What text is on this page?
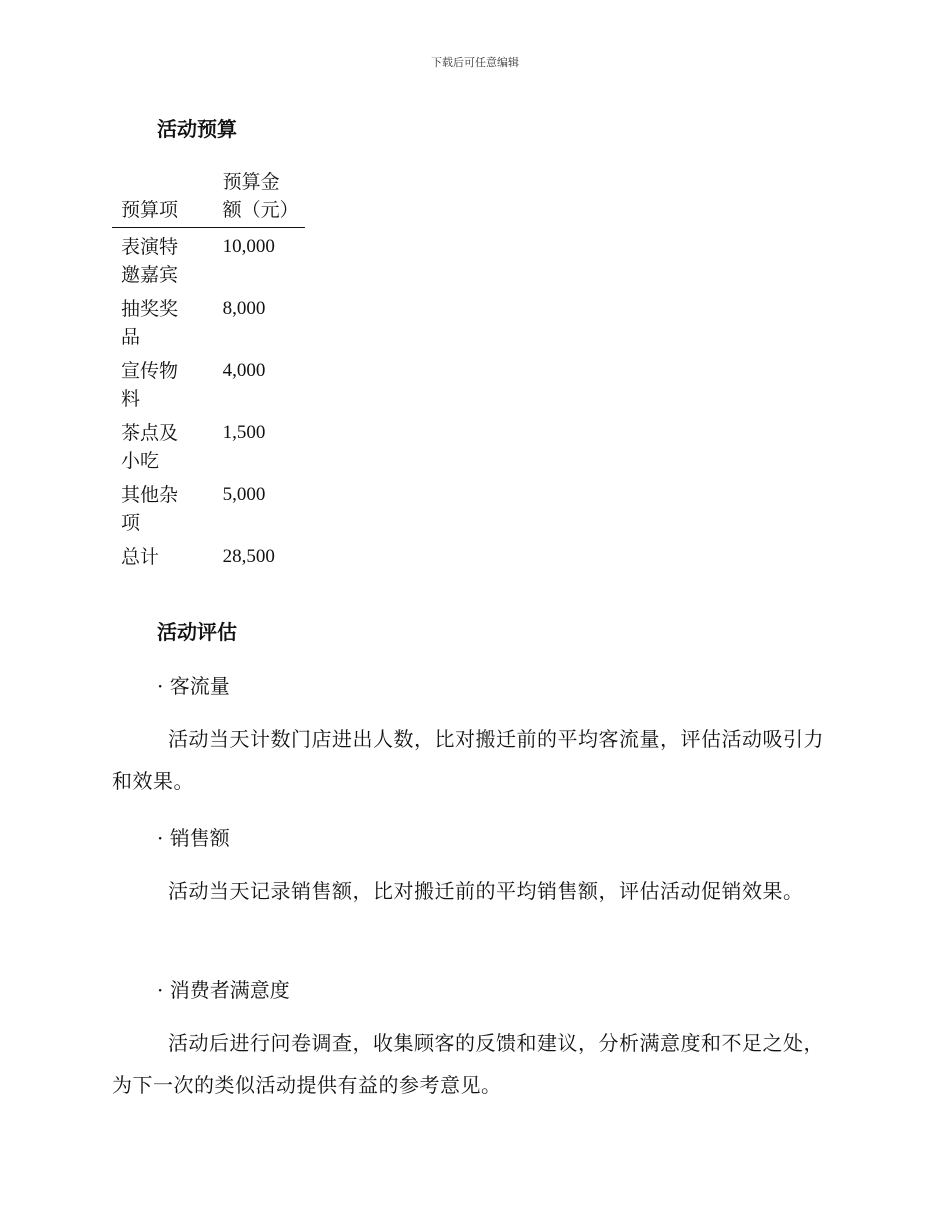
下载后可任意编辑
活动预算
预算项	预算金额（元）

表演特邀嘉宾	10,000

抽奖奖品	8,000

宣传物料	4,000

茶点及小吃	1,500

其他杂项	5,000

总计	28,500
活动评估
· 客流量
活动当天计数门店进出人数，比对搬迁前的平均客流量，评估活动吸引力和效果。
· 销售额
活动当天记录销售额，比对搬迁前的平均销售额，评估活动促销效果。
· 消费者满意度
活动后进行问卷调查，收集顾客的反馈和建议，分析满意度和不足之处，为下一次的类似活动提供有益的参考意见。
